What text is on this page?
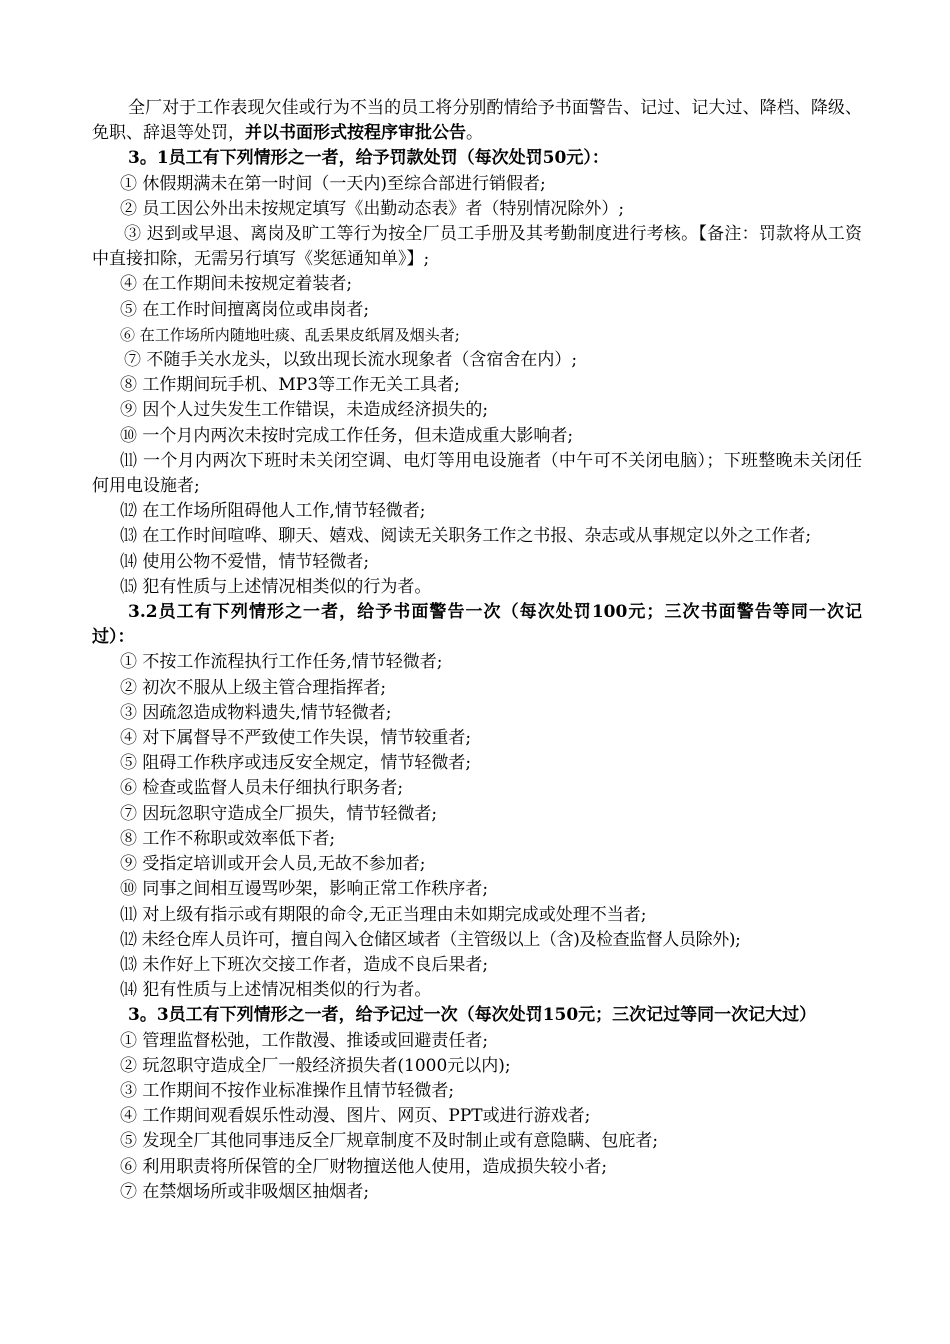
全厂对于工作表现欠佳或行为不当的员工将分别酌情给予书面警告、记过、记大过、降档、降级、免职、辞退等处罚，并以书面形式按程序审批公告。

3。1员工有下列情形之一者，给予罚款处罚（每次处罚50元）：

① 休假期满未在第一时间（一天内)至综合部进行销假者;

② 员工因公外出未按规定填写《出勤动态表》者（特别情况除外）;

③ 迟到或早退、离岗及旷工等行为按全厂员工手册及其考勤制度进行考核。【备注：罚款将从工资中直接扣除，无需另行填写《奖惩通知单》】;

④ 在工作期间未按规定着装者;

⑤ 在工作时间擅离岗位或串岗者;

⑥ 在工作场所内随地吐痰、乱丢果皮纸屑及烟头者;

⑦ 不随手关水龙头，以致出现长流水现象者（含宿舍在内）;

⑧ 工作期间玩手机、MP3等工作无关工具者;

⑨ 因个人过失发生工作错误，未造成经济损失的;

⑩ 一个月内两次未按时完成工作任务，但未造成重大影响者;

⑾ 一个月内两次下班时未关闭空调、电灯等用电设施者（中午可不关闭电脑）；下班整晚未关闭任何用电设施者;

⑿ 在工作场所阻碍他人工作,情节轻微者;

⒀ 在工作时间喧哗、聊天、嬉戏、阅读无关职务工作之书报、杂志或从事规定以外之工作者;

⒁ 使用公物不爱惜，情节轻微者;

⒂ 犯有性质与上述情况相类似的行为者。

3.2员工有下列情形之一者，给予书面警告一次（每次处罚100元；三次书面警告等同一次记过）：

① 不按工作流程执行工作任务,情节轻微者;

② 初次不服从上级主管合理指挥者;

③ 因疏忽造成物料遗失,情节轻微者;

④ 对下属督导不严致使工作失误，情节较重者;

⑤ 阻碍工作秩序或违反安全规定，情节轻微者;

⑥ 检查或监督人员未仔细执行职务者;

⑦ 因玩忽职守造成全厂损失，情节轻微者;

⑧ 工作不称职或效率低下者;

⑨ 受指定培训或开会人员,无故不参加者;

⑩ 同事之间相互谩骂吵架，影响正常工作秩序者;

⑾ 对上级有指示或有期限的命令,无正当理由未如期完成或处理不当者;

⑿ 未经仓库人员许可，擅自闯入仓储区域者（主管级以上（含)及检查监督人员除外);

⒀ 未作好上下班次交接工作者，造成不良后果者;

⒁ 犯有性质与上述情况相类似的行为者。

3。3员工有下列情形之一者，给予记过一次（每次处罚150元；三次记过等同一次记大过）

① 管理监督松弛，工作散漫、推诿或回避责任者;

② 玩忽职守造成全厂一般经济损失者(1000元以内);

③ 工作期间不按作业标准操作且情节轻微者;

④ 工作期间观看娱乐性动漫、图片、网页、PPT或进行游戏者;

⑤ 发现全厂其他同事违反全厂规章制度不及时制止或有意隐瞒、包庇者;

⑥ 利用职责将所保管的全厂财物擅送他人使用，造成损失较小者;

⑦ 在禁烟场所或非吸烟区抽烟者;
